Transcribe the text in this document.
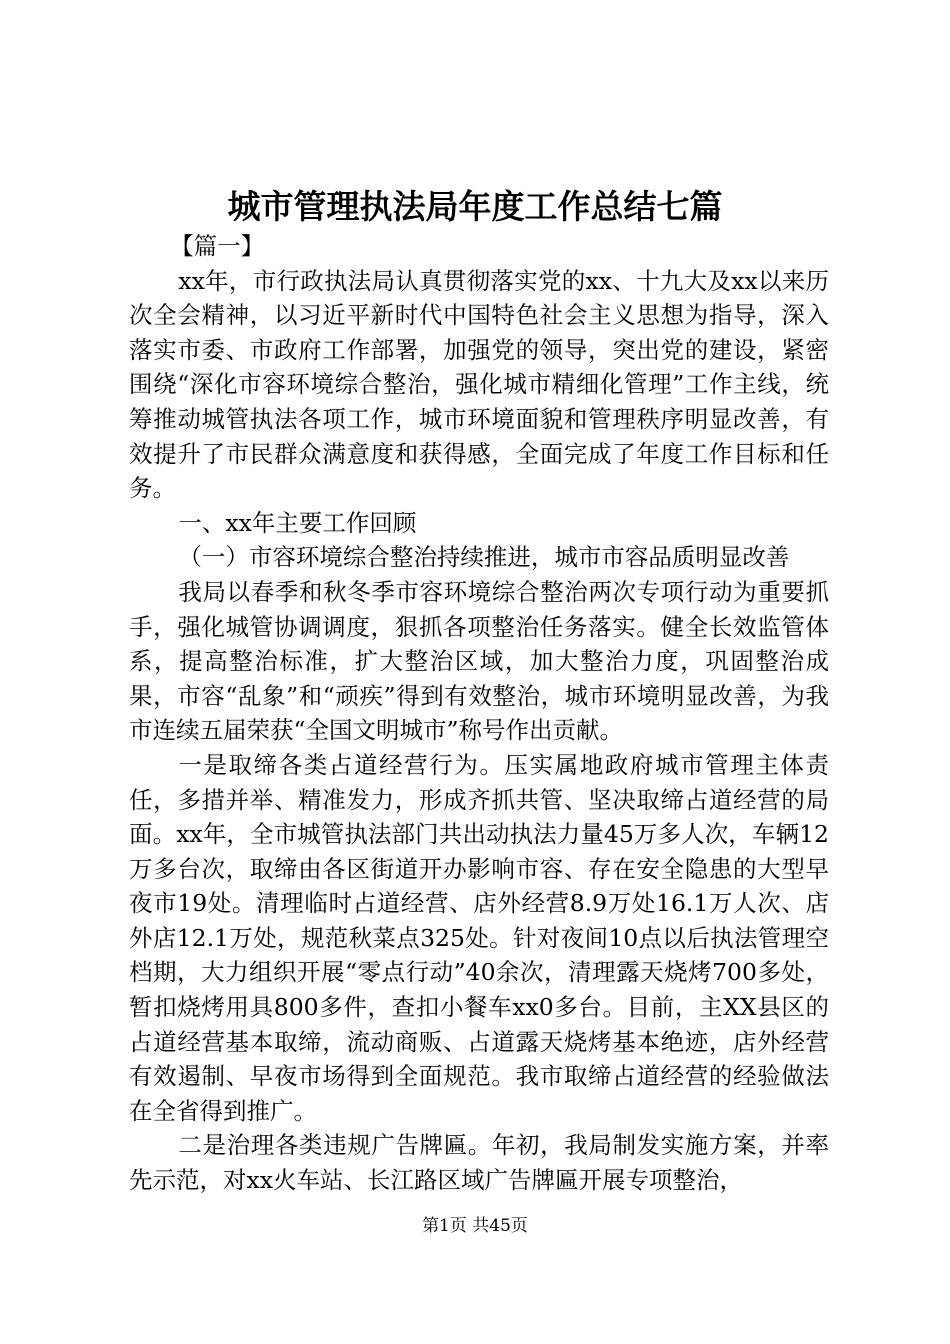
城市管理执法局年度工作总结七篇

【篇一】

xx年，市行政执法局认真贯彻落实党的xx、十九大及xx以来历次全会精神，以习近平新时代中国特色社会主义思想为指导，深入落实市委、市政府工作部署，加强党的领导，突出党的建设，紧密围绕“深化市容环境综合整治，强化城市精细化管理”工作主线，统筹推动城管执法各项工作，城市环境面貌和管理秩序明显改善，有效提升了市民群众满意度和获得感，全面完成了年度工作目标和任务。

一、xx年主要工作回顾

（一）市容环境综合整治持续推进，城市市容品质明显改善

我局以春季和秋冬季市容环境综合整治两次专项行动为重要抓手，强化城管协调调度，狠抓各项整治任务落实。健全长效监管体系，提高整治标准，扩大整治区域，加大整治力度，巩固整治成果，市容“乱象”和“顽疾”得到有效整治，城市环境明显改善，为我市连续五届荣获“全国文明城市”称号作出贡献。

一是取缔各类占道经营行为。压实属地政府城市管理主体责任，多措并举、精准发力，形成齐抓共管、坚决取缔占道经营的局面。xx年，全市城管执法部门共出动执法力量45万多人次，车辆12万多台次，取缔由各区街道开办影响市容、存在安全隐患的大型早夜市19处。清理临时占道经营、店外经营8.9万处16.1万人次、店外店12.1万处，规范秋菜点325处。针对夜间10点以后执法管理空档期，大力组织开展“零点行动”40余次，清理露天烧烤700多处，暂扣烧烤用具800多件，查扣小餐车xx0多台。目前，主XX县区的占道经营基本取缔，流动商贩、占道露天烧烤基本绝迹，店外经营有效遏制、早夜市场得到全面规范。我市取缔占道经营的经验做法在全省得到推广。

二是治理各类违规广告牌匾。年初，我局制发实施方案，并率先示范，对xx火车站、长江路区域广告牌匾开展专项整治，

第1页 共45页
